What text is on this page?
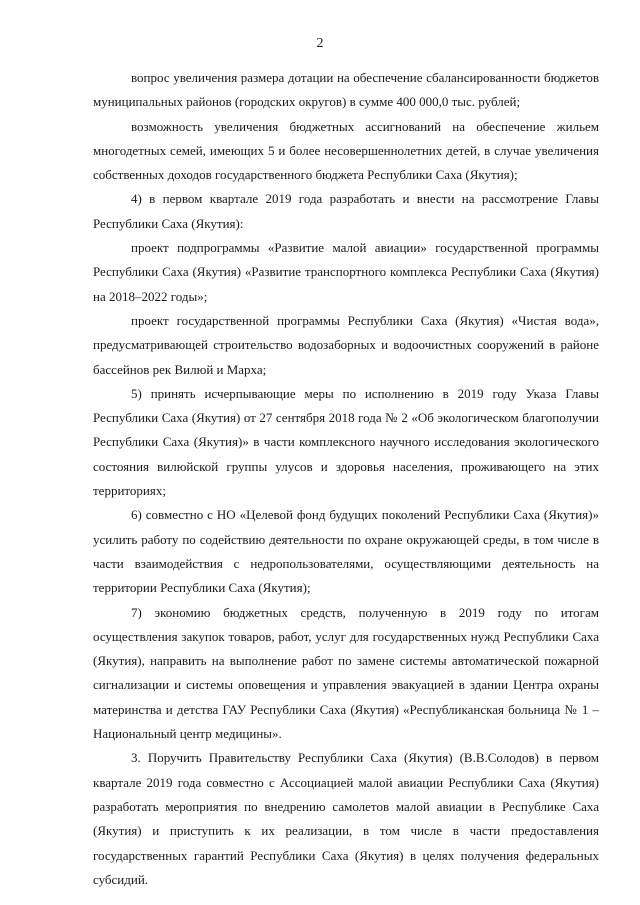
2

вопрос увеличения размера дотации на обеспечение сбалансированности бюджетов муниципальных районов (городских округов) в сумме 400 000,0 тыс. рублей;

возможность увеличения бюджетных ассигнований на обеспечение жильем многодетных семей, имеющих 5 и более несовершеннолетних детей, в случае увеличения собственных доходов государственного бюджета Республики Саха (Якутия);

4) в первом квартале 2019 года разработать и внести на рассмотрение Главы Республики Саха (Якутия):

проект подпрограммы «Развитие малой авиации» государственной программы Республики Саха (Якутия) «Развитие транспортного комплекса Республики Саха (Якутия) на 2018–2022 годы»;

проект государственной программы Республики Саха (Якутия) «Чистая вода», предусматривающей строительство водозаборных и водоочистных сооружений в районе бассейнов рек Вилюй и Марха;

5) принять исчерпывающие меры по исполнению в 2019 году Указа Главы Республики Саха (Якутия) от 27 сентября 2018 года № 2 «Об экологическом благополучии Республики Саха (Якутия)» в части комплексного научного исследования экологического состояния вилюйской группы улусов и здоровья населения, проживающего на этих территориях;

6) совместно с НО «Целевой фонд будущих поколений Республики Саха (Якутия)» усилить работу по содействию деятельности по охране окружающей среды, в том числе в части взаимодействия с недропользователями, осуществляющими деятельность на территории Республики Саха (Якутия);

7) экономию бюджетных средств, полученную в 2019 году по итогам осуществления закупок товаров, работ, услуг для государственных нужд Республики Саха (Якутия), направить на выполнение работ по замене системы автоматической пожарной сигнализации и системы оповещения и управления эвакуацией в здании Центра охраны материнства и детства ГАУ Республики Саха (Якутия) «Республиканская больница № 1 – Национальный центр медицины».

3. Поручить Правительству Республики Саха (Якутия) (В.В.Солодов) в первом квартале 2019 года совместно с Ассоциацией малой авиации Республики Саха (Якутия) разработать мероприятия по внедрению самолетов малой авиации в Республике Саха (Якутия) и приступить к их реализации, в том числе в части предоставления государственных гарантий Республики Саха (Якутия) в целях получения федеральных субсидий.
